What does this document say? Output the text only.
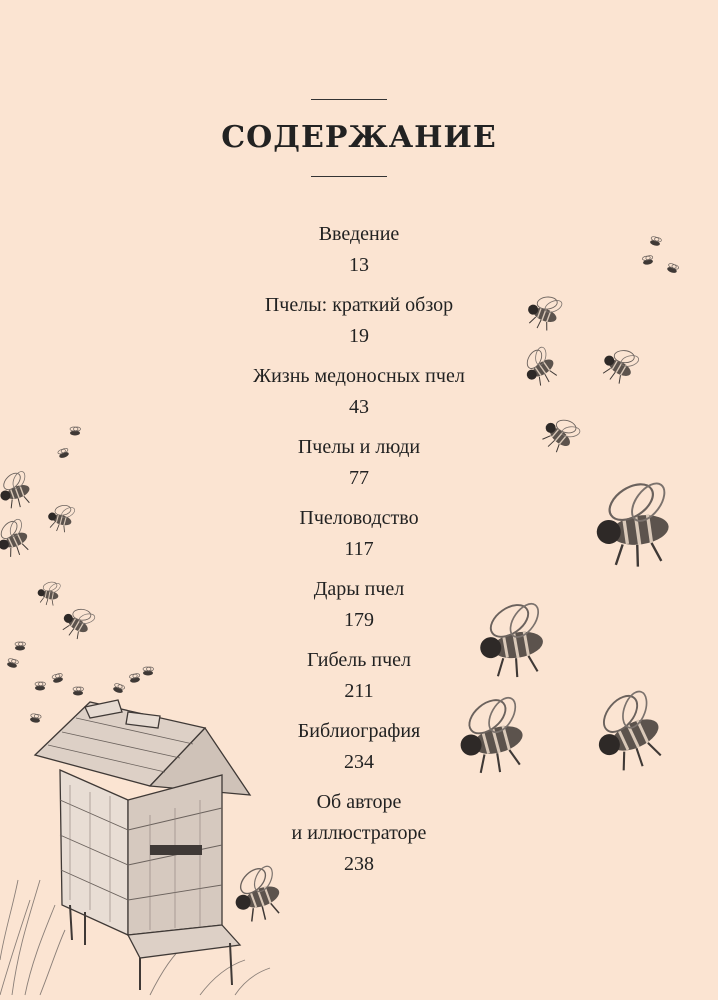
СОДЕРЖАНИЕ
Введение
13
Пчелы: краткий обзор
19
Жизнь медоносных пчел
43
Пчелы и люди
77
Пчеловодство
117
Дары пчел
179
Гибель пчел
211
Библиография
234
Об авторе
и иллюстраторе
238
